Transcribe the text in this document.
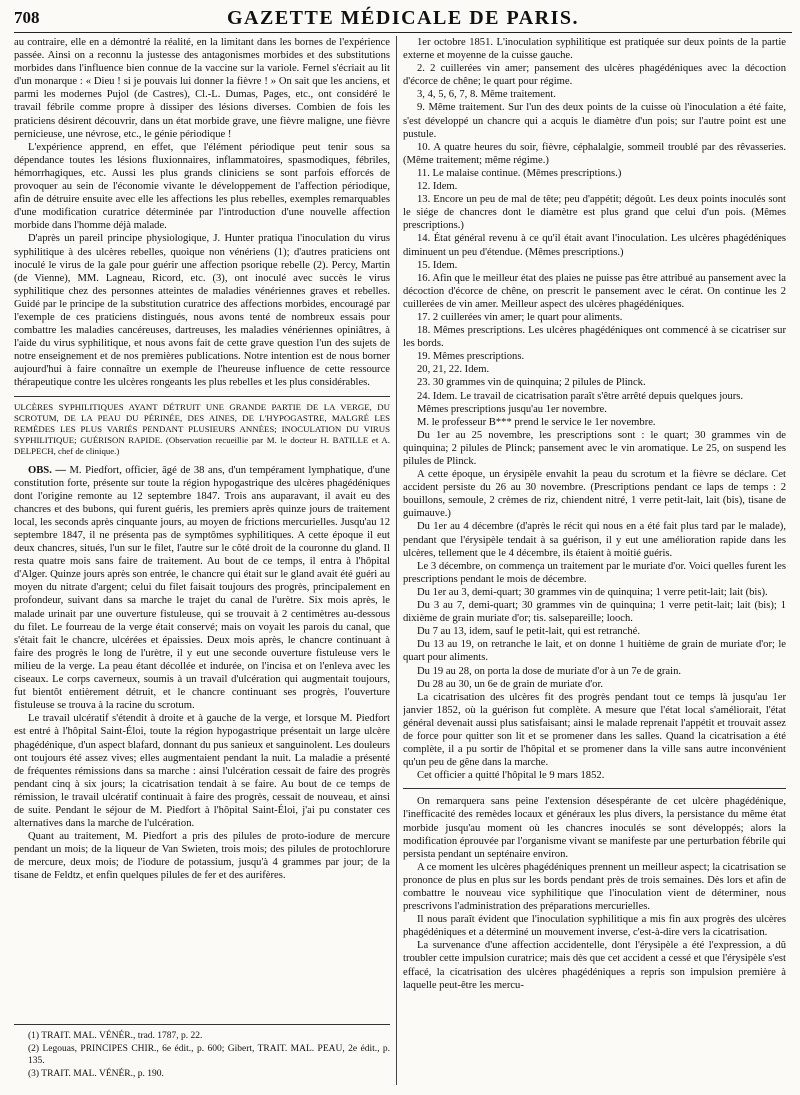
708	GAZETTE MÉDICALE DE PARIS.

au contraire, elle en a démontré la réalité, en la limitant dans les bornes de l'expérience passée. Ainsi on a reconnu la justesse des antagonismes morbides et des substitutions morbides dans l'influence bien connue de la vaccine sur la variole. Fernel s'écriait au lit d'un monarque : « Dieu ! si je pouvais lui donner la fièvre ! » On sait que les anciens, et parmi les modernes Pujol (de Castres), Cl.-L. Dumas, Pages, etc., ont considéré le travail fébrile comme propre à dissiper des lésions diverses. Combien de fois les praticiens désirent découvrir, dans un état morbide grave, une fièvre maligne, une fièvre pernicieuse, une névrose, etc., le génie périodique !

L'expérience apprend, en effet, que l'élément périodique peut tenir sous sa dépendance toutes les lésions fluxionnaires, inflammatoires, spasmodiques, fébriles, hémorrhagiques, etc. Aussi les plus grands cliniciens se sont parfois efforcés de provoquer au sein de l'économie vivante le développement de l'affection périodique, afin de détruire ensuite avec elle les affections les plus rebelles, exemples remarquables d'une modification curatrice déterminée par l'introduction d'une nouvelle affection morbide dans l'homme déjà malade.

D'après un pareil principe physiologique, J. Hunter pratiqua l'inoculation du virus syphilitique à des ulcères rebelles, quoique non vénériens (1); d'autres praticiens ont inoculé le virus de la gale pour guérir une affection psorique rebelle (2). Percy, Martin (de Vienne), MM. Lagneau, Ricord, etc. (3), ont inoculé avec succès le virus syphilitique chez des personnes atteintes de maladies vénériennes graves et rebelles. Guidé par le principe de la substitution curatrice des affections morbides, encouragé par l'exemple de ces praticiens distingués, nous avons tenté de nombreux essais pour combattre les maladies cancéreuses, dartreuses, les maladies vénériennes opiniâtres, à l'aide du virus syphilitique, et nous avons fait de cette grave question l'un des sujets de notre enseignement et de nos premières publications. Notre intention est de nous borner aujourd'hui à faire connaître un exemple de l'heureuse influence de cette ressource thérapeutique contre les ulcères rongeants les plus rebelles et les plus considérables.

ULCÈRES SYPHILITIQUES AYANT DÉTRUIT UNE GRANDE PARTIE DE LA VERGE, DU SCROTUM, DE LA PEAU DU PÉRINÉE, DES AINES, DE L'HYPOGASTRE, MALGRÉ LES REMÈDES LES PLUS VARIÉS PENDANT PLUSIEURS ANNÉES; INOCULATION DU VIRUS SYPHILITIQUE; GUÉRISON RAPIDE. (Observation recueillie par M. le docteur H. BATILLE et A. DELPECH, chef de clinique.)

OBS. — M. Piedfort, officier, âgé de 38 ans, d'un tempérament lymphatique, d'une constitution forte, présente sur toute la région hypogastrique des ulcères phagédéniques dont l'origine remonte au 12 septembre 1847. Trois ans auparavant, il avait eu des chancres et des bubons, qui furent guéris, les premiers après quinze jours de traitement local, les seconds après cinquante jours, au moyen de frictions mercurielles. Jusqu'au 12 septembre 1847, il ne présenta pas de symptômes syphilitiques. A cette époque il eut deux chancres, situés, l'un sur le filet, l'autre sur le côté droit de la couronne du gland. Il resta quatre mois sans faire de traitement. Au bout de ce temps, il entra à l'hôpital d'Alger. Quinze jours après son entrée, le chancre qui était sur le gland avait été guéri au moyen du nitrate d'argent; celui du filet faisait toujours des progrès, principalement en profondeur, suivant dans sa marche le trajet du canal de l'urètre. Six mois après, le malade urinait par une ouverture fistuleuse, qui se trouvait à 2 centimètres au-dessous du filet. Le fourreau de la verge était conservé; mais on voyait les parois du canal, que s'était fait le chancre, ulcérées et épaissies. Deux mois après, le chancre continuant à faire des progrès le long de l'urètre, il y eut une seconde ouverture fistuleuse vers le milieu de la verge. La peau étant décollée et indurée, on l'incisa et on l'enleva avec les ciseaux. Le corps caverneux, soumis à un travail d'ulcération qui augmentait toujours, fut bientôt entièrement détruit, et le chancre continuant ses progrès, l'ouverture fistuleuse se trouva à la racine du scrotum.

Le travail ulcératif s'étendit à droite et à gauche de la verge, et lorsque M. Piedfort est entré à l'hôpital Saint-Éloi, toute la région hypogastrique présentait un large ulcère phagédénique, d'un aspect blafard, donnant du pus sanieux et sanguinolent. Les douleurs ont toujours été assez vives; elles augmentaient pendant la nuit. La maladie a présenté de fréquentes rémissions dans sa marche : ainsi l'ulcération cessait de faire des progrès pendant cinq à six jours; la cicatrisation tendait à se faire. Au bout de ce temps de rémission, le travail ulcératif continuait à faire des progrès, cessait de nouveau, et ainsi de suite. Pendant le séjour de M. Piedfort à l'hôpital Saint-Éloi, j'ai pu constater ces alternatives dans la marche de l'ulcération.

Quant au traitement, M. Piedfort a pris des pilules de proto-iodure de mercure pendant un mois; de la liqueur de Van Swieten, trois mois; des pilules de protochlorure de mercure, deux mois; de l'iodure de potassium, jusqu'à 4 grammes par jour; de la tisane de Feldtz, et enfin quelques pilules de fer et des aurifères.

(1) TRAIT. MAL. VÉNÉR., trad. 1787, p. 22.
(2) Legouas, PRINCIPES CHIR., 6e édit., p. 600; Gibert, TRAIT. MAL. PEAU, 2e édit., p. 135.
(3) TRAIT. MAL. VÉNÉR., p. 190.

1er octobre 1851. L'inoculation syphilitique est pratiquée sur deux points de la partie externe et moyenne de la cuisse gauche.

2. 2 cuillerées vin amer; pansement des ulcères phagédéniques avec la décoction d'écorce de chêne; le quart pour régime.

3, 4, 5, 6, 7, 8. Même traitement.

9. Même traitement. Sur l'un des deux points de la cuisse où l'inoculation a été faite, s'est développé un chancre qui a acquis le diamètre d'un pois; sur l'autre point est une pustule.

10. A quatre heures du soir, fièvre, céphalalgie, sommeil troublé par des rêvasseries. (Même traitement; même régime.)

11. Le malaise continue. (Mêmes prescriptions.)

12. Idem.

13. Encore un peu de mal de tête; peu d'appétit; dégoût. Les deux points inoculés sont le siége de chancres dont le diamètre est plus grand que celui d'un pois. (Mêmes prescriptions.)

14. État général revenu à ce qu'il était avant l'inoculation. Les ulcères phagédéniques diminuent un peu d'étendue. (Mêmes prescriptions.)

15. Idem.

16. Afin que le meilleur état des plaies ne puisse pas être attribué au pansement avec la décoction d'écorce de chêne, on prescrit le pansement avec le cérat. On continue les 2 cuillerées de vin amer. Meilleur aspect des ulcères phagédéniques.

17. 2 cuillerées vin amer; le quart pour aliments.

18. Mêmes prescriptions. Les ulcères phagédéniques ont commencé à se cicatriser sur les bords.

19. Mêmes prescriptions.

20, 21, 22. Idem.

23. 30 grammes vin de quinquina; 2 pilules de Plinck.

24. Idem. Le travail de cicatrisation paraît s'être arrêté depuis quelques jours.

Mêmes prescriptions jusqu'au 1er novembre.

M. le professeur B*** prend le service le 1er novembre.

Du 1er au 25 novembre, les prescriptions sont : le quart; 30 grammes vin de quinquina; 2 pilules de Plinck; pansement avec le vin aromatique. Le 25, on suspend les pilules de Plinck.

A cette époque, un érysipèle envahit la peau du scrotum et la fièvre se déclare. Cet accident persiste du 26 au 30 novembre. (Prescriptions pendant ce laps de temps : 2 bouillons, semoule, 2 crèmes de riz, chiendent nitré, 1 verre petit-lait, lait (bis), tisane de guimauve.)

Du 1er au 4 décembre (d'après le récit qui nous en a été fait plus tard par le malade), pendant que l'érysipèle tendait à sa guérison, il y eut une amélioration rapide dans les ulcères, tellement que le 4 décembre, ils étaient à moitié guéris.

Le 3 décembre, on commença un traitement par le muriate d'or. Voici quelles furent les prescriptions pendant le mois de décembre.

Du 1er au 3, demi-quart; 30 grammes vin de quinquina; 1 verre petit-lait; lait (bis).

Du 3 au 7, demi-quart; 30 grammes vin de quinquina; 1 verre petit-lait; lait (bis); 1 dixième de grain muriate d'or; tis. salsepareille; looch.

Du 7 au 13, idem, sauf le petit-lait, qui est retranché.

Du 13 au 19, on retranche le lait, et on donne 1 huitième de grain de muriate d'or; le quart pour aliments.

Du 19 au 28, on porta la dose de muriate d'or à un 7e de grain.

Du 28 au 30, un 6e de grain de muriate d'or.

La cicatrisation des ulcères fit des progrès pendant tout ce temps là jusqu'au 1er janvier 1852, où la guérison fut complète. A mesure que l'état local s'améliorait, l'état général devenait aussi plus satisfaisant; ainsi le malade reprenait l'appétit et trouvait assez de force pour quitter son lit et se promener dans les salles. Quand la cicatrisation a été complète, il a pu sortir de l'hôpital et se promener dans la ville sans autre inconvénient qu'un peu de gêne dans la marche.

Cet officier a quitté l'hôpital le 9 mars 1852.

On remarquera sans peine l'extension désespérante de cet ulcère phagédénique, l'inefficacité des remèdes locaux et généraux les plus divers, la persistance du même état morbide jusqu'au moment où les chancres inoculés se sont développés; alors la modification éprouvée par l'organisme vivant se manifeste par une perturbation fébrile qui persista pendant un septénaire environ.

A ce moment les ulcères phagédéniques prennent un meilleur aspect; la cicatrisation se prononce de plus en plus sur les bords pendant près de trois semaines. Dès lors et afin de combattre le nouveau vice syphilitique que l'inoculation vient de déterminer, nous prescrivons l'administration des préparations mercurielles.

Il nous paraît évident que l'inoculation syphilitique a mis fin aux progrès des ulcères phagédéniques et a déterminé un mouvement inverse, c'est-à-dire vers la cicatrisation.

La survenance d'une affection accidentelle, dont l'érysipèle a été l'expression, a dû troubler cette impulsion curatrice; mais dès que cet accident a cessé et que l'érysipèle s'est effacé, la cicatrisation des ulcères phagédéniques a repris son impulsion première à laquelle peut-être les mercu-
